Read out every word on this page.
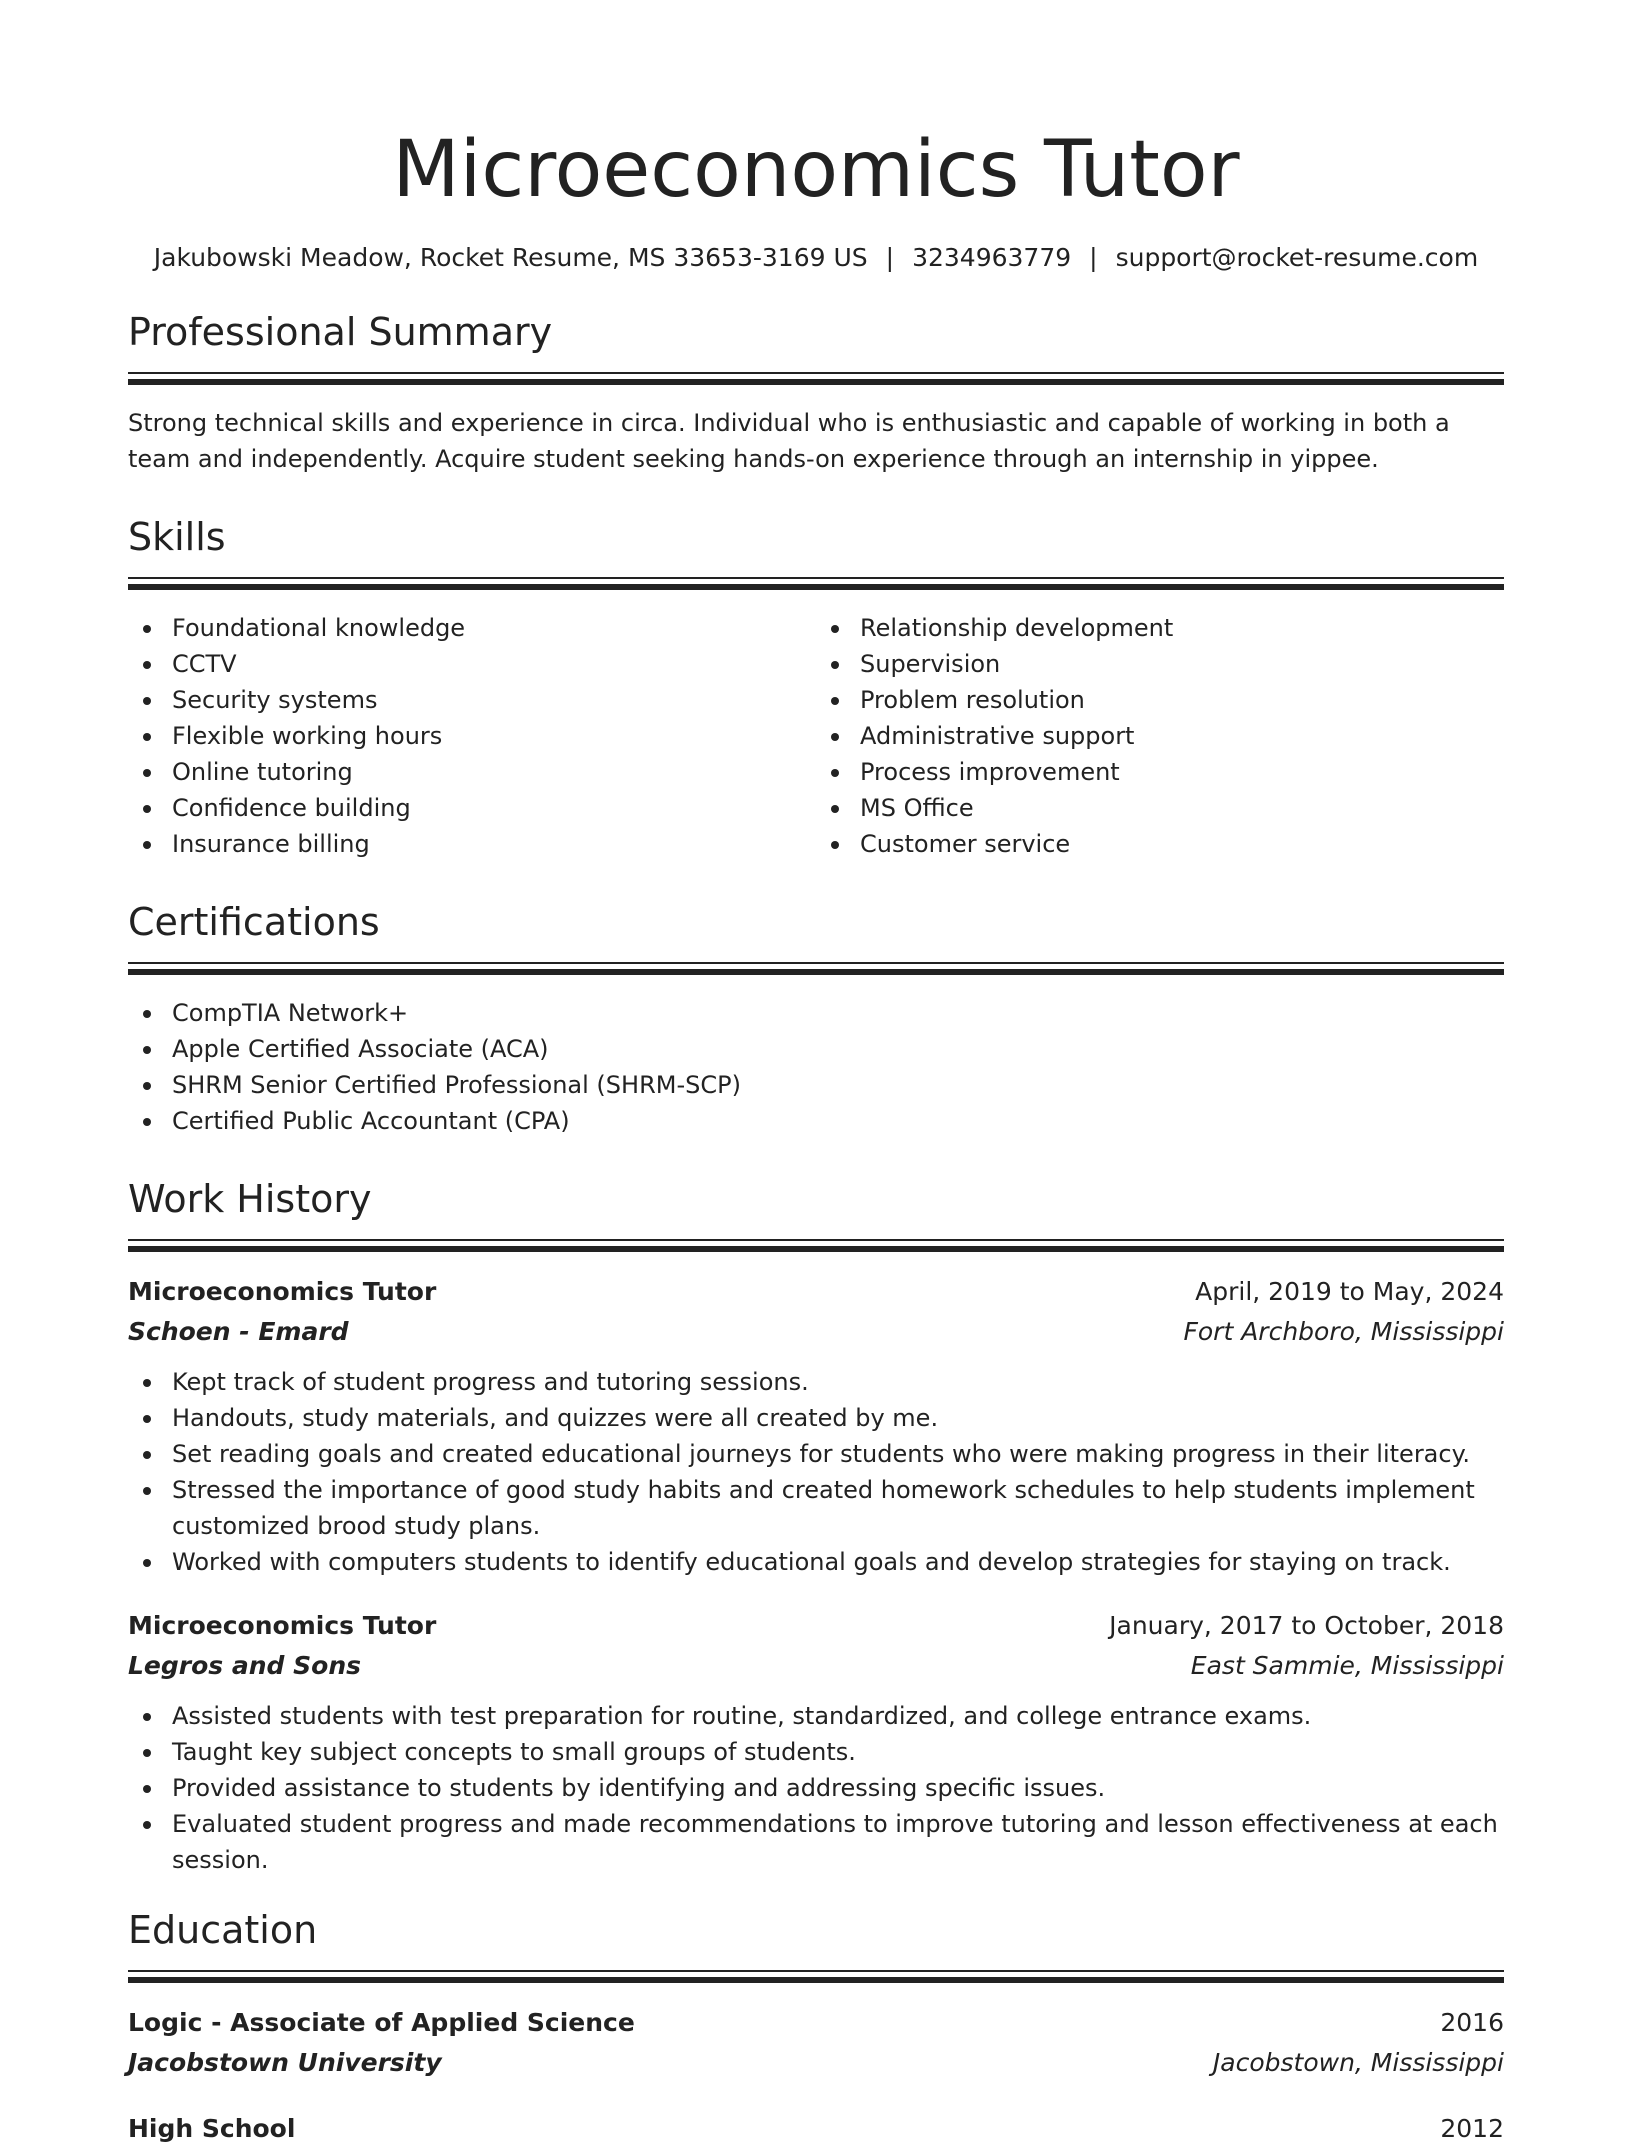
Microeconomics Tutor
Jakubowski Meadow, Rocket Resume, MS 33653-3169 US | 3234963779 | support@rocket-resume.com
Professional Summary

Strong technical skills and experience in circa. Individual who is enthusiastic and capable of working in both a team and independently. Acquire student seeking hands-on experience through an internship in yippee.

Skills
Foundational knowledge
CCTV
Security systems
Flexible working hours
Online tutoring
Confidence building
Insurance billing
Relationship development
Supervision
Problem resolution
Administrative support
Process improvement
MS Office
Customer service
Certifications
CompTIA Network+
Apple Certified Associate (ACA)
SHRM Senior Certified Professional (SHRM-SCP)
Certified Public Accountant (CPA)
Work History
Microeconomics Tutor	April, 2019 to May, 2024
Schoen - Emard	Fort Archboro, Mississippi
Kept track of student progress and tutoring sessions.
Handouts, study materials, and quizzes were all created by me.
Set reading goals and created educational journeys for students who were making progress in their literacy.
Stressed the importance of good study habits and created homework schedules to help students implement customized brood study plans.
Worked with computers students to identify educational goals and develop strategies for staying on track.
Microeconomics Tutor	January, 2017 to October, 2018
Legros and Sons	East Sammie, Mississippi
Assisted students with test preparation for routine, standardized, and college entrance exams.
Taught key subject concepts to small groups of students.
Provided assistance to students by identifying and addressing specific issues.
Evaluated student progress and made recommendations to improve tutoring and lesson effectiveness at each session.
Education
Logic - Associate of Applied Science	2016
Jacobstown University	Jacobstown, Mississippi
High School	2012
